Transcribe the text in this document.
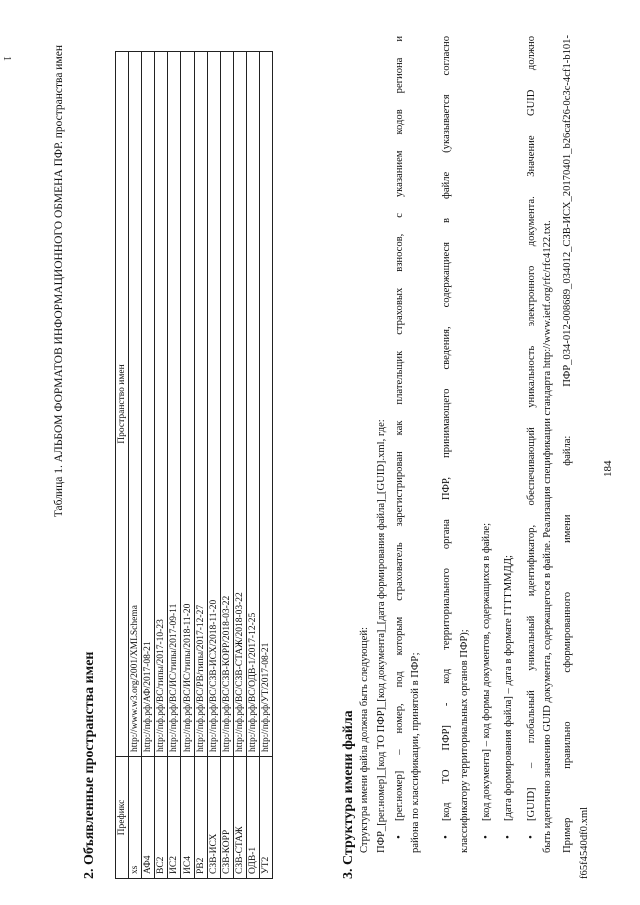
184
Таблица 1. АЛЬБОМ ФОРМАТОВ ИНФОРМАЦИОННОГО ОБМЕНА ПФР. пространства имен
2. Объявленные пространства имен Префикс	Пространство имен
xs	http://www.w3.org/2001/XMLSchema
АФ4	http://пф.рф/АФ/2017-08-21
ВС2	http://пф.рф/ВС/типы/2017-10-23
ИС2	http://пф.рф/ВС/ИС/типы/2017-09-11
ИС4	http://пф.рф/ВС/ИС/типы/2018-11-20
РВ2	http://пф.рф/ВС/РВ/типы/2017-12-27
СЗВ-ИСХ	http://пф.рф/ВС/СЗВ-ИСХ/2018-11-20
СЗВ-КОРР	http://пф.рф/ВС/СЗВ-КОРР/2018-03-22
СЗВ-СТАЖ	http://пф.рф/ВС/СЗВ-СТАЖ/2018-03-22
ОДВ-1	http://пф.рф/ВС/ОДВ-1/2017-12-25
УТ2	http://пф.рф/УТ/2017-08-21
3. Структура имени файла Структура имени файла должна быть следующей: ПФР_[рег.номер]_[код ТО ПФР]_[код документа]_[дата формирования файла]_[GUID].xml, где: •
[рег.номер] – номер, под которым страхователь зарегистрирован как плательщик страховых взносов, с указанием кодов региона и района по классификации, принятой в ПФР; •
[код ТО ПФР] - код территориального органа ПФР, принимающего сведения, содержащиеся в файле (указывается согласно классификатору территориальных органов ПФР); •
[код документа] – код формы документов, содержащихся в файле;
•
[дата формирования файла] – дата в формате ГГГГММДД;
•
[GUID] – глобальный уникальный идентификатор, обеспечивающий уникальность электронного документа. Значение GUID должно быть идентично значению GUID документа, содержащегося в файле. Реализация спецификации стандарта http://www.ietf.org/rfc/rfc4122.txt. Пример правильно сформированного имени файла: ПФР_034-012-008689_034012_СЗВ-ИСХ_20170401_b26caf26-0c3c-4cf1-b101- f65f4540df0.xml
1
